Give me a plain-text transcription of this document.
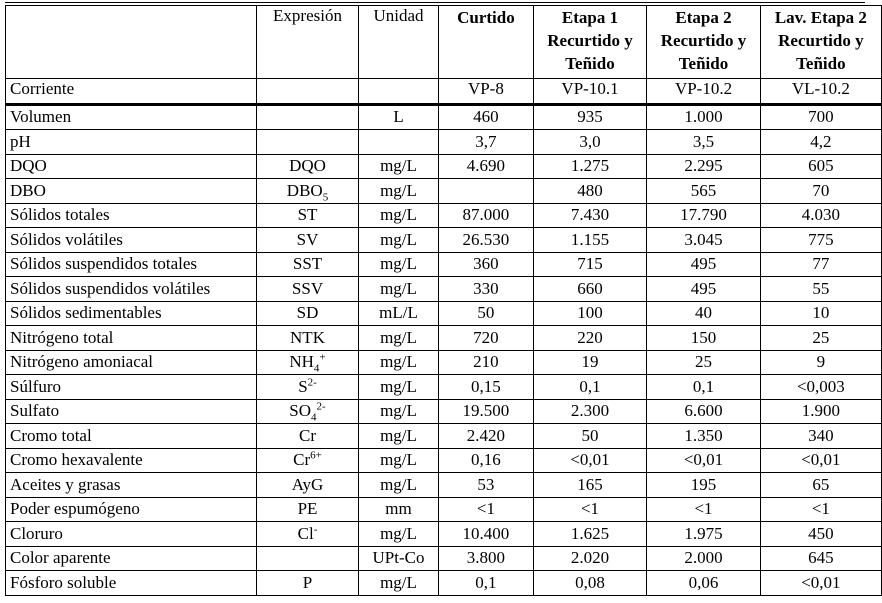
	Expresión	Unidad	Curtido	Etapa 1 Recurtido y Teñido	Etapa 2 Recurtido y Teñido	Lav. Etapa 2 Recurtido y Teñido
Corriente			VP-8	VP-10.1	VP-10.2	VL-10.2
Volumen		L	460	935	1.000	700
pH			3,7	3,0	3,5	4,2
DQO	DQO	mg/L	4.690	1.275	2.295	605
DBO	$DBO_5$	mg/L		480	565	70
Sólidos totales	ST	mg/L	87.000	7.430	17.790	4.030
Sólidos volátiles	SV	mg/L	26.530	1.155	3.045	775
Sólidos suspendidos totales	SST	mg/L	360	715	495	77
Sólidos suspendidos volátiles	SSV	mg/L	330	660	495	55
Sólidos sedimentables	SD	mL/L	50	100	40	10
Nitrógeno total	NTK	mg/L	720	220	150	25
Nitrógeno amoniacal	$NH_4^+$	mg/L	210	19	25	9
Súlfuro	$S^{2-}$	mg/L	0,15	0,1	0,1	<0,003
Sulfato	$SO_4^{2-}$	mg/L	19.500	2.300	6.600	1.900
Cromo total	Cr	mg/L	2.420	50	1.350	340
Cromo hexavalente	$Cr^{6+}$	mg/L	0,16	<0,01	<0,01	<0,01
Aceites y grasas	AyG	mg/L	53	165	195	65
Poder espumógeno	PE	mm	<1	<1	<1	<1
Cloruro	Cl-	mg/L	10.400	1.625	1.975	450
Color aparente		UPt-Co	3.800	2.020	2.000	645
Fósforo soluble	P	mg/L	0,1	0,08	0,06	<0,01
